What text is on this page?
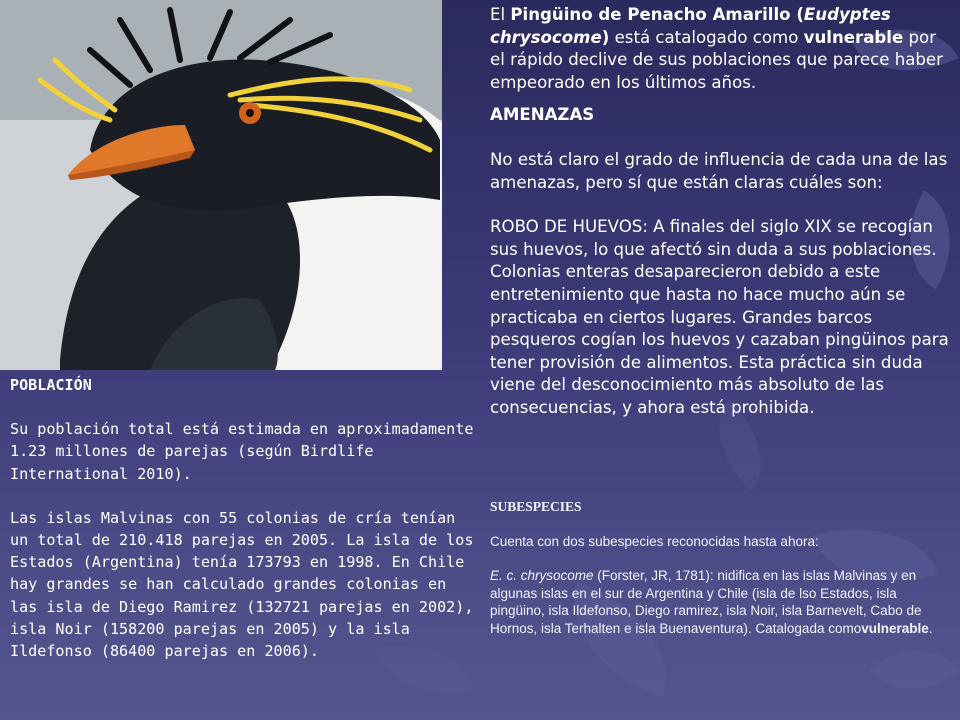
El Pingüino de Penacho Amarillo (Eudyptes chrysocome) está catalogado como vulnerable por el rápido declive de sus poblaciones que parece haber empeorado en los últimos años.

AMENAZAS

No está claro el grado de influencia de cada una de las amenazas, pero sí que están claras cuáles son:

ROBO DE HUEVOS: A finales del siglo XIX se recogían sus huevos, lo que afectó sin duda a sus poblaciones. Colonias enteras desaparecieron debido a este entretenimiento que hasta no hace mucho aún se practicaba en ciertos lugares. Grandes barcos pesqueros cogían los huevos y cazaban pingüinos para tener provisión de alimentos. Esta práctica sin duda viene del desconocimiento más absoluto de las consecuencias, y ahora está prohibida.

SUBESPECIES

Cuenta con dos subespecies reconocidas hasta ahora:

E. c. chrysocome (Forster, JR, 1781): nidifica en las islas Malvinas y en algunas islas en el sur de Argentina y Chile (isla de lso Estados, isla pingüino, isla Ildefonso, Diego ramirez, isla Noir, isla Barnevelt, Cabo de Hornos, isla Terhalten e isla Buenaventura). Catalogada comovulnerable.

POBLACIÓN

Su población total está estimada en aproximadamente 1.23 millones de parejas (según Birdlife International 2010).

Las islas Malvinas con 55 colonias de cría tenían un total de 210.418 parejas en 2005. La isla de los Estados (Argentina) tenía 173793 en 1998. En Chile hay grandes se han calculado grandes colonias en las isla de Diego Ramirez (132721 parejas en 2002), isla Noir (158200 parejas en 2005) y la isla Ildefonso (86400 parejas en 2006).
